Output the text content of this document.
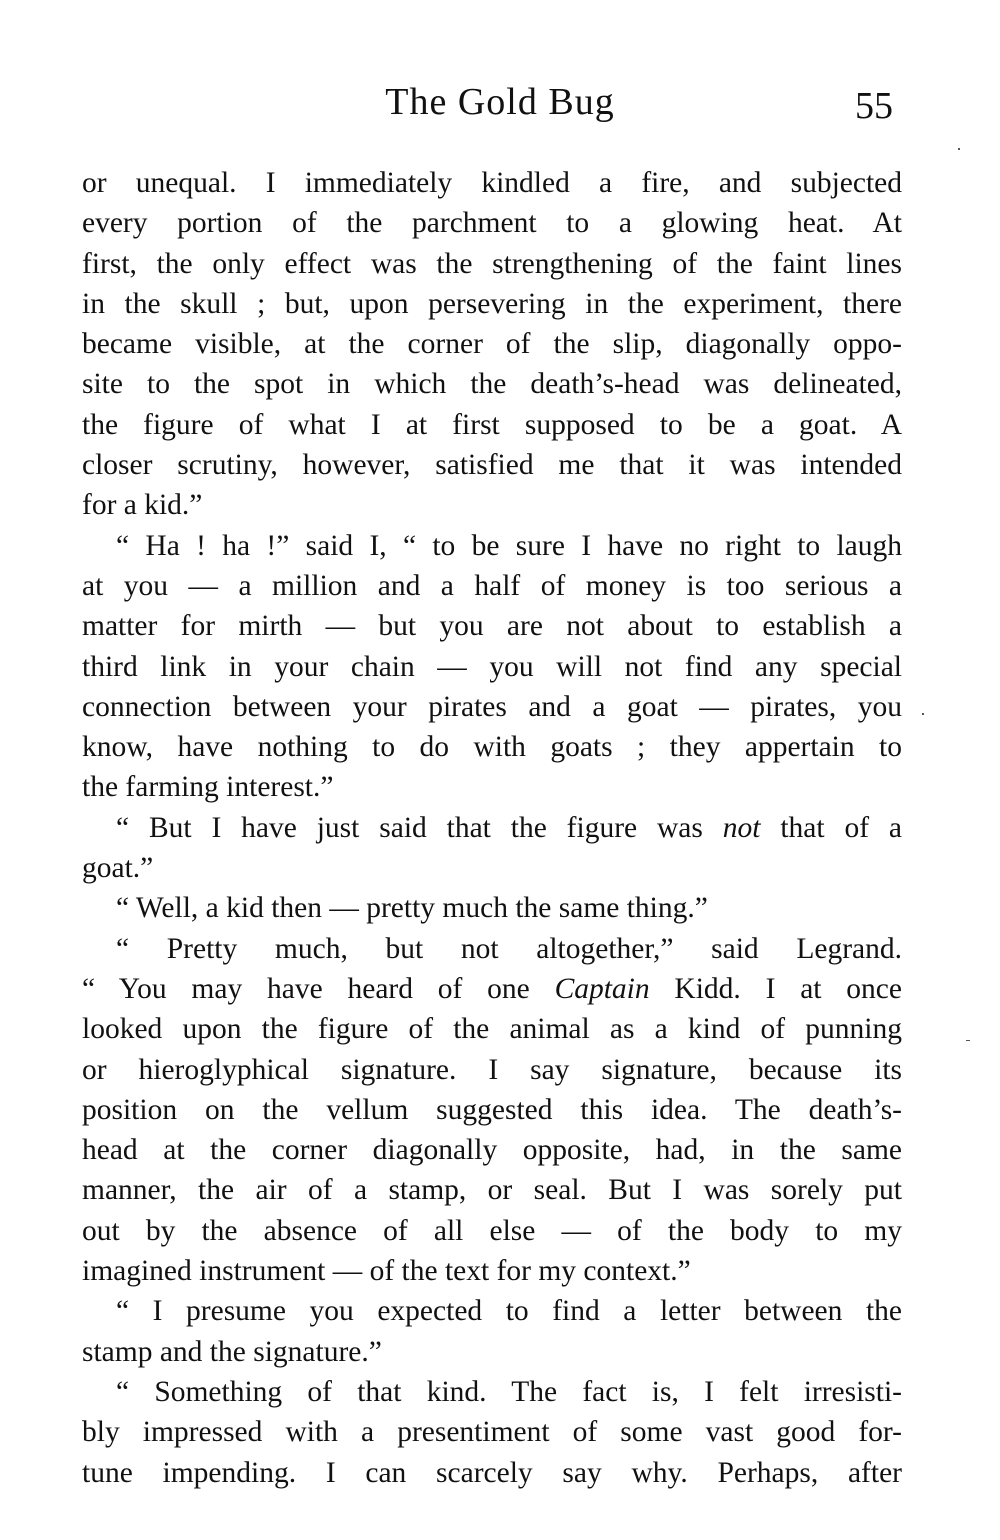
The Gold Bug	55
or unequal. I immediately kindled a fire, and subjected
every portion of the parchment to a glowing heat. At
first, the only effect was the strengthening of the faint lines
in the skull ; but, upon persevering in the experiment, there
became visible, at the corner of the slip, diagonally oppo-
site to the spot in which the death’s-head was delineated,
the figure of what I at first supposed to be a goat. A
closer scrutiny, however, satisfied me that it was intended
for a kid.”
“ Ha ! ha !” said I, “ to be sure I have no right to laugh
at you — a million and a half of money is too serious a
matter for mirth — but you are not about to establish a
third link in your chain — you will not find any special
connection between your pirates and a goat — pirates, you
know, have nothing to do with goats ; they appertain to
the farming interest.”
“ But I have just said that the figure was not that of a
goat.”
“ Well, a kid then — pretty much the same thing.”
“ Pretty much, but not altogether,” said Legrand.
“ You may have heard of one Captain Kidd. I at once
looked upon the figure of the animal as a kind of punning
or hieroglyphical signature. I say signature, because its
position on the vellum suggested this idea. The death’s-
head at the corner diagonally opposite, had, in the same
manner, the air of a stamp, or seal. But I was sorely put
out by the absence of all else — of the body to my
imagined instrument — of the text for my context.”
“ I presume you expected to find a letter between the
stamp and the signature.”
“ Something of that kind. The fact is, I felt irresisti-
bly impressed with a presentiment of some vast good for-
tune impending. I can scarcely say why. Perhaps, after
